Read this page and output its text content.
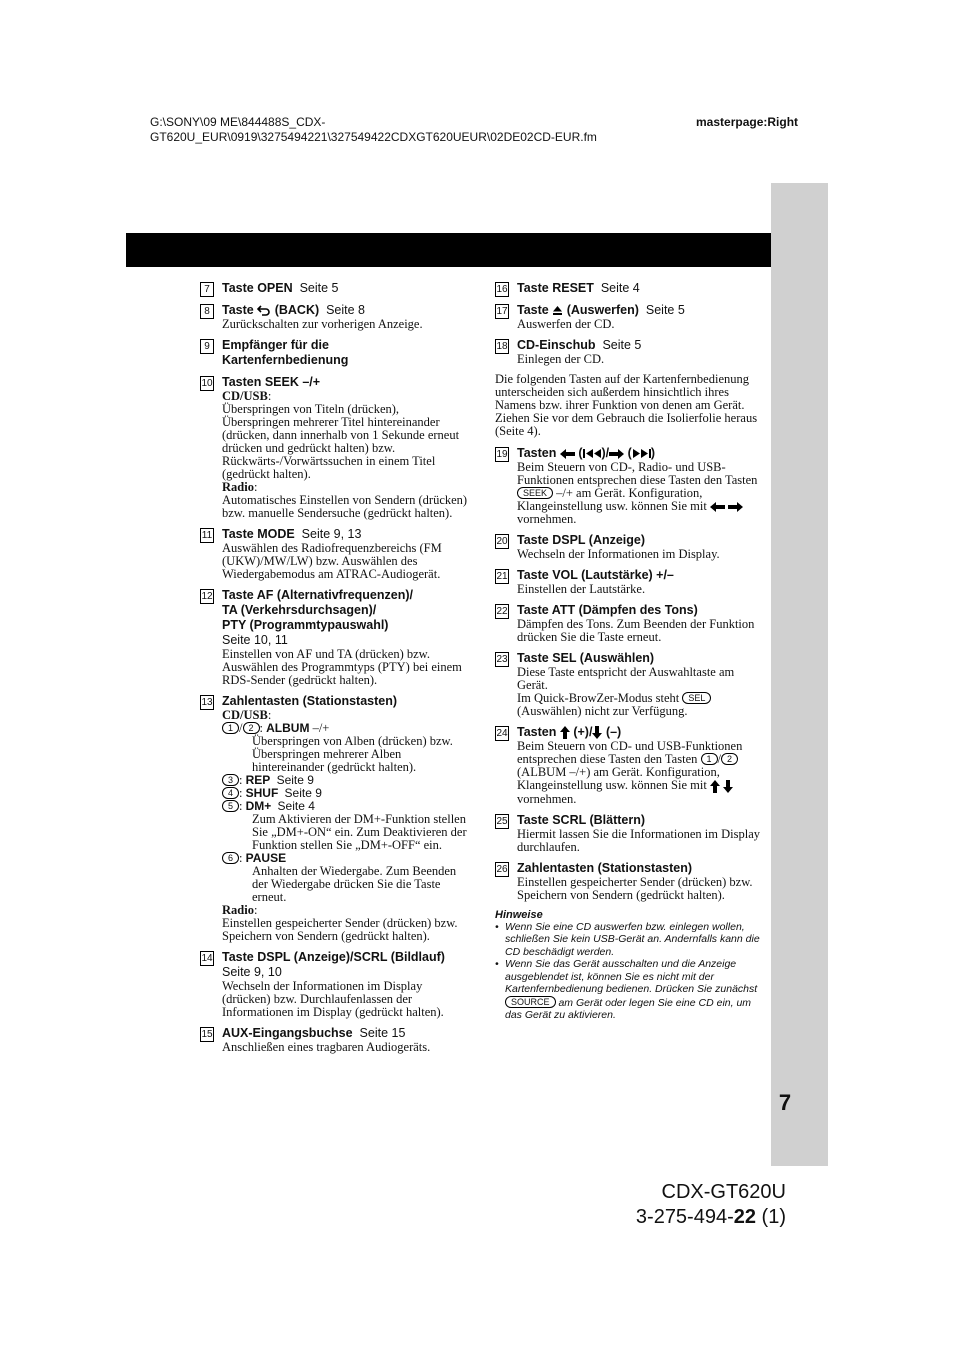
G:\SONY\09 ME\844488S_CDX-
GT620U_EUR\0919\3275494221\327549422CDXGT620UEUR\02DE02CD-EUR.fm
masterpage:Right
7
CDX-GT620U
3-275-494-22 (1)
7 Taste OPEN Seite 5
8 Taste (BACK) Seite 8
Zurückschalten zur vorherigen Anzeige.
9 Empfänger für die
Kartenfernbedienung
10 Tasten SEEK –/+
CD/USB:
Überspringen von Titeln (drücken), Überspringen mehrerer Titel hintereinander (drücken, dann innerhalb von 1 Sekunde erneut drücken und gedrückt halten) bzw. Rückwärts-/Vorwärtssuchen in einem Titel (gedrückt halten).
Radio:
Automatisches Einstellen von Sendern (drücken) bzw. manuelle Sendersuche (gedrückt halten).
11 Taste MODE Seite 9, 13
Auswählen des Radiofrequenzbereichs (FM (UKW)/MW/LW) bzw. Auswählen des Wiedergabemodus am ATRAC-Audiogerät.
12 Taste AF (Alternativfrequenzen)/
TA (Verkehrsdurchsagen)/
PTY (Programmtypauswahl)
Seite 10, 11
Einstellen von AF und TA (drücken) bzw. Auswählen des Programmtyps (PTY) bei einem RDS-Sender (gedrückt halten).
13 Zahlentasten (Stationstasten)
CD/USB:
1 / 2 : ALBUM –/+
Überspringen von Alben (drücken) bzw. Überspringen mehrerer Alben hintereinander (gedrückt halten).
3 : REP Seite 9
4 : SHUF Seite 9
5 : DM+ Seite 4
Zum Aktivieren der DM+-Funktion stellen Sie „DM+-ON“ ein. Zum Deaktivieren der Funktion stellen Sie „DM+-OFF“ ein.
6 : PAUSE
Anhalten der Wiedergabe. Zum Beenden der Wiedergabe drücken Sie die Taste erneut.
Radio:
Einstellen gespeicherter Sender (drücken) bzw. Speichern von Sendern (gedrückt halten).
14 Taste DSPL (Anzeige)/SCRL (Bildlauf)
Seite 9, 10
Wechseln der Informationen im Display (drücken) bzw. Durchlaufenlassen der Informationen im Display (gedrückt halten).
15 AUX-Eingangsbuchse Seite 15
Anschließen eines tragbaren Audiogeräts.
16 Taste RESET Seite 4
17 Taste (Auswerfen) Seite 5
Auswerfen der CD.
18 CD-Einschub Seite 5
Einlegen der CD.
Die folgenden Tasten auf der Kartenfernbedienung unterscheiden sich außerdem hinsichtlich ihres Namens bzw. ihrer Funktion von denen am Gerät. Ziehen Sie vor dem Gebrauch die Isolierfolie heraus (Seite 4).
19 Tasten ( )/ ( )
Beim Steuern von CD-, Radio- und USB-Funktionen entsprechen diese Tasten den Tasten SEEK –/+ am Gerät. Konfiguration, Klangeinstellung usw. können Sie mit   vornehmen.
20 Taste DSPL (Anzeige)
Wechseln der Informationen im Display.
21 Taste VOL (Lautstärke) +/–
Einstellen der Lautstärke.
22 Taste ATT (Dämpfen des Tons)
Dämpfen des Tons. Zum Beenden der Funktion drücken Sie die Taste erneut.
23 Taste SEL (Auswählen)
Diese Taste entspricht der Auswahltaste am Gerät.
Im Quick-BrowZer-Modus steht SEL (Auswählen) nicht zur Verfügung.
24 Tasten (+)/ (–)
Beim Steuern von CD- und USB-Funktionen entsprechen diese Tasten den Tasten 1 / 2 (ALBUM –/+) am Gerät. Konfiguration, Klangeinstellung usw. können Sie mit   vornehmen.
25 Taste SCRL (Blättern)
Hiermit lassen Sie die Informationen im Display durchlaufen.
26 Zahlentasten (Stationstasten)
Einstellen gespeicherter Sender (drücken) bzw. Speichern von Sendern (gedrückt halten).
Hinweise
• Wenn Sie eine CD auswerfen bzw. einlegen wollen, schließen Sie kein USB-Gerät an. Andernfalls kann die CD beschädigt werden.
• Wenn Sie das Gerät ausschalten und die Anzeige ausgeblendet ist, können Sie es nicht mit der Kartenfernbedienung bedienen. Drücken Sie zunächst SOURCE am Gerät oder legen Sie eine CD ein, um das Gerät zu aktivieren.
